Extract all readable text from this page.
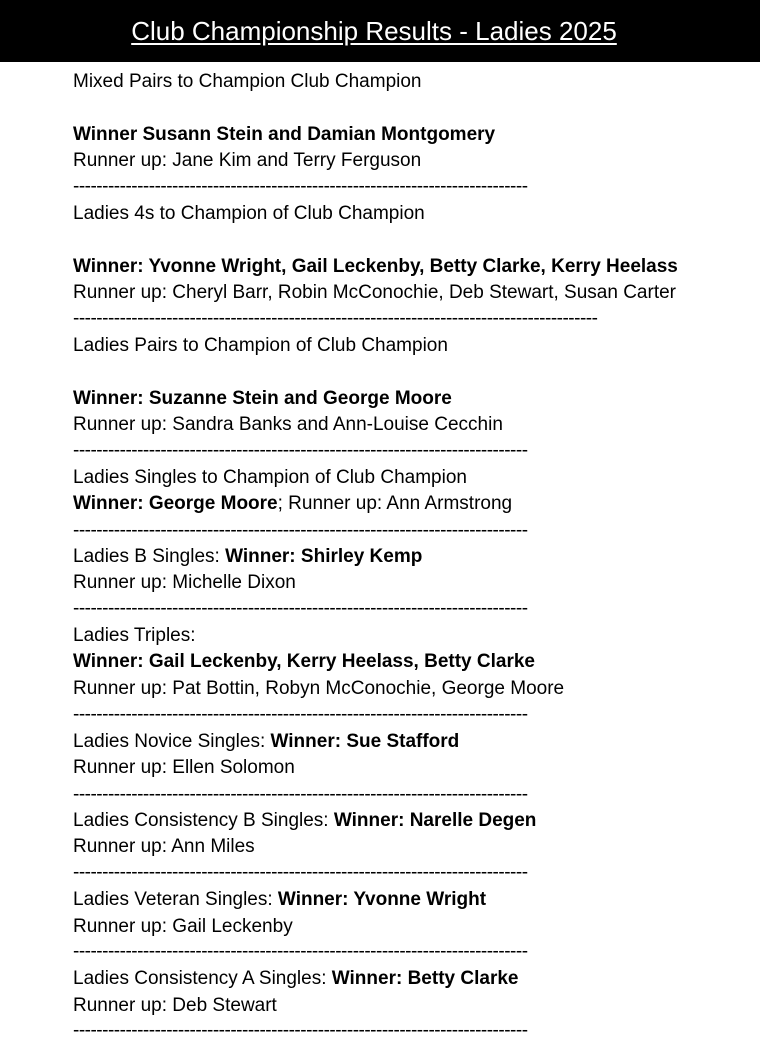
Club Championship Results - Ladies 2025

Mixed Pairs to Champion Club Champion

Winner Susann Stein and Damian Montgomery

Runner up: Jane Kim and Terry Ferguson

------------------------------------------------------------------------------

Ladies 4s to Champion of Club Champion

Winner: Yvonne Wright, Gail Leckenby, Betty Clarke, Kerry Heelass

Runner up: Cheryl Barr, Robin McConochie, Deb Stewart, Susan Carter

------------------------------------------------------------------------------------------

Ladies Pairs to Champion of Club Champion

Winner: Suzanne Stein and George Moore

Runner up: Sandra Banks and Ann-Louise Cecchin

------------------------------------------------------------------------------

Ladies Singles to Champion of Club Champion

Winner: George Moore; Runner up: Ann Armstrong

------------------------------------------------------------------------------

Ladies B Singles: Winner: Shirley Kemp

Runner up: Michelle Dixon

------------------------------------------------------------------------------

Ladies Triples:

Winner: Gail Leckenby, Kerry Heelass, Betty Clarke

Runner up: Pat Bottin, Robyn McConochie, George Moore

------------------------------------------------------------------------------

Ladies Novice Singles: Winner: Sue Stafford

Runner up: Ellen Solomon

------------------------------------------------------------------------------

Ladies Consistency B Singles: Winner: Narelle Degen

Runner up: Ann Miles

------------------------------------------------------------------------------

Ladies Veteran Singles: Winner: Yvonne Wright

Runner up: Gail Leckenby

------------------------------------------------------------------------------

Ladies Consistency A Singles: Winner: Betty Clarke

Runner up: Deb Stewart

------------------------------------------------------------------------------
